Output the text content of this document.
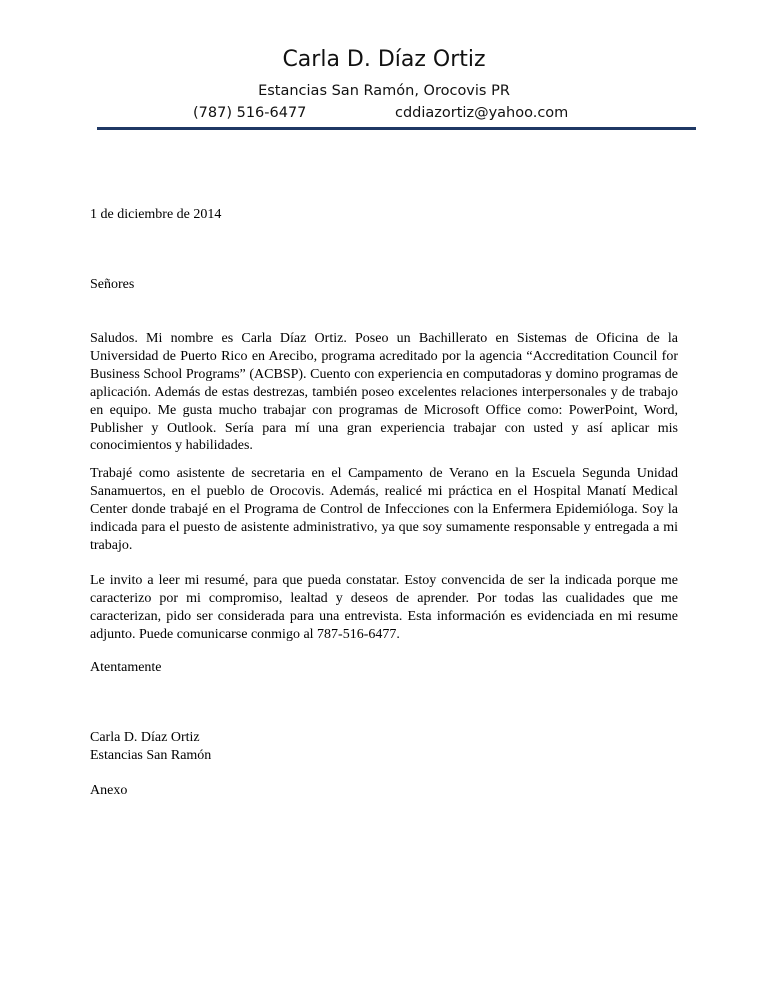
Carla D. Díaz Ortiz
Estancias San Ramón, Orocovis PR
(787) 516-6477	cddiazortiz@yahoo.com
1 de diciembre de 2014
Señores

Saludos. Mi nombre es Carla Díaz Ortiz. Poseo un Bachillerato en Sistemas de Oficina de la Universidad de Puerto Rico en Arecibo, programa acreditado por la agencia “Accreditation Council for Business School Programs” (ACBSP). Cuento con experiencia en computadoras y domino programas de aplicación. Además de estas destrezas, también poseo excelentes relaciones interpersonales y de trabajo en equipo. Me gusta mucho trabajar con programas de Microsoft Office como: PowerPoint, Word, Publisher y Outlook. Sería para mí una gran experiencia trabajar con usted y así aplicar mis conocimientos y habilidades.

Trabajé como asistente de secretaria en el Campamento de Verano en la Escuela Segunda Unidad Sanamuertos, en el pueblo de Orocovis. Además, realicé mi práctica en el Hospital Manatí Medical Center donde trabajé en el Programa de Control de Infecciones con la Enfermera Epidemióloga. Soy la indicada para el puesto de asistente administrativo, ya que soy sumamente responsable y entregada a mi trabajo.

Le invito a leer mi resumé, para que pueda constatar. Estoy convencida de ser la indicada porque me caracterizo por mi compromiso, lealtad y deseos de aprender. Por todas las cualidades que me caracterizan, pido ser considerada para una entrevista. Esta información es evidenciada en mi resume adjunto. Puede comunicarse conmigo al 787-516-6477.

Atentamente
Carla D. Díaz Ortiz
Estancias San Ramón
Anexo
